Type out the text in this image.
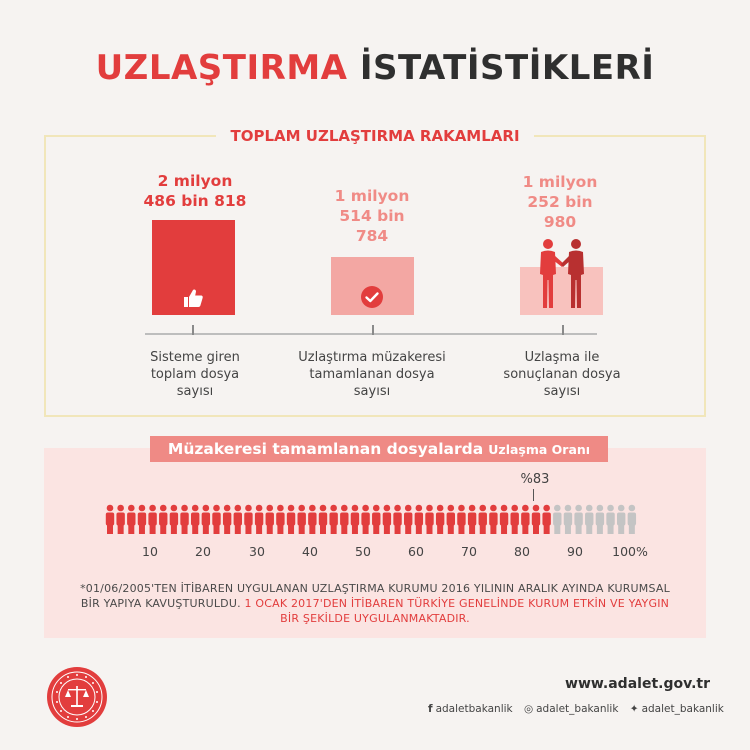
UZLAŞTIRMA İSTATİSTİKLERİ
TOPLAM UZLAŞTIRMA RAKAMLARI
2 milyon
486 bin 818	1 milyon
514 bin
784
1 milyon
252 bin
980
Sisteme giren
toplam dosya
sayısı
Uzlaştırma müzakeresi
tamamlanan dosya
sayısı
Uzlaşma ile
sonuçlanan dosya
sayısı
Müzakeresi tamamlanan dosyalarda Uzlaşma Oranı
%83
10	20	30	40	50	60	70	80	90	100%
*01/06/2005'TEN İTİBAREN UYGULANAN UZLAŞTIRMA KURUMU 2016 YILININ ARALIK AYINDA KURUMSAL BİR YAPIYA KAVUŞTURULDU. 1 OCAK 2017'DEN İTİBAREN TÜRKİYE GENELİNDE KURUM ETKİN VE YAYGIN BİR ŞEKİLDE UYGULANMAKTADIR.
www.adalet.gov.tr
f adaletbakanlik ◎ adalet_bakanlik ✦ adalet_bakanlik
